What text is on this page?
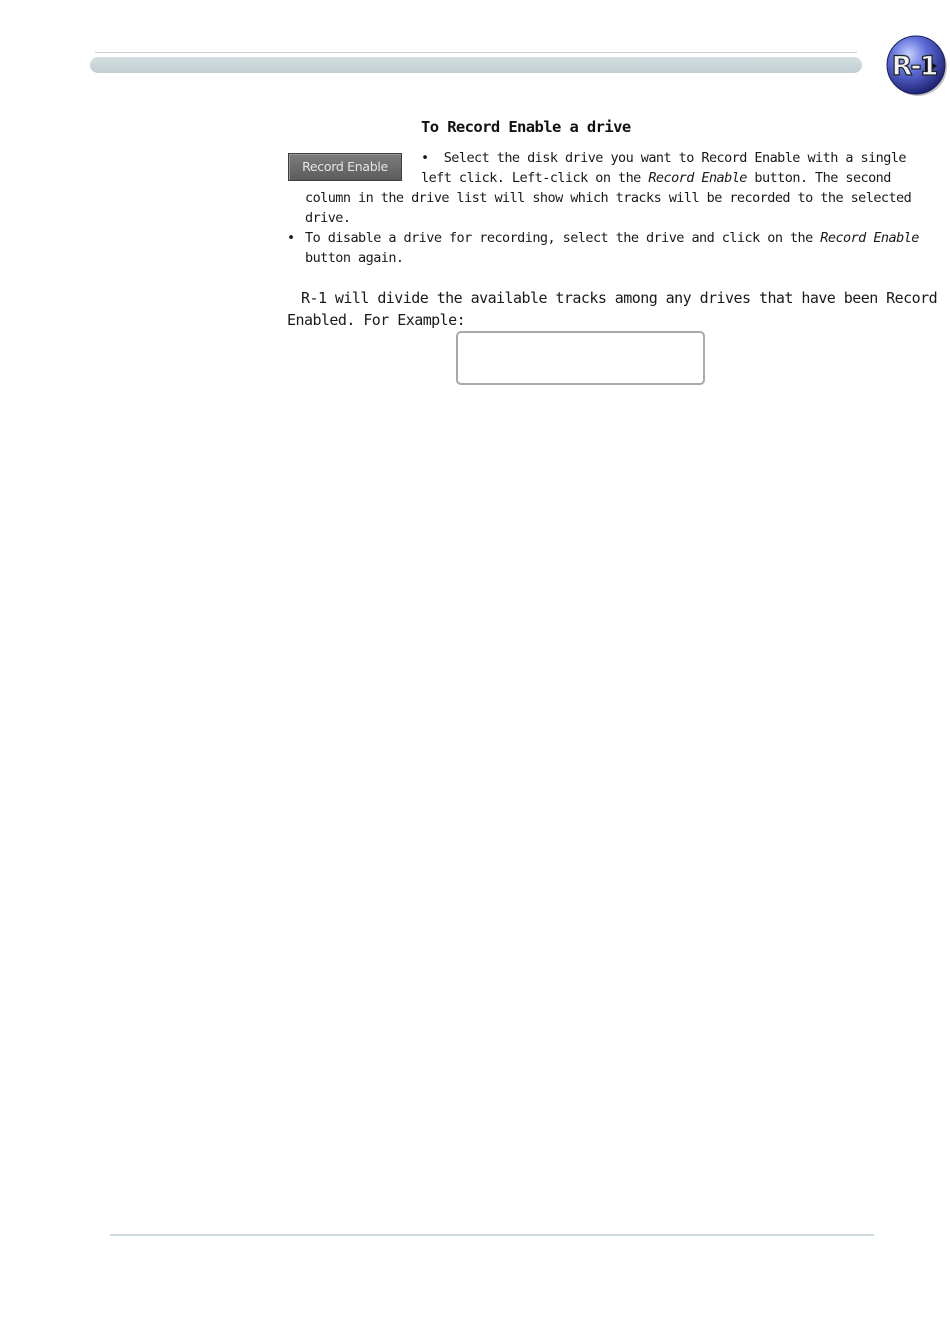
R-1
To Record Enable a drive
Record Enable
• Select the disk drive you want to Record Enable with a single
left click. Left-click on the Record Enable button. The second
column in the drive list will show which tracks will be recorded to the selected
drive.
• To disable a drive for recording, select the drive and click on the Record Enable
button again.
R-1 will divide the available tracks among any drives that have been Record
Enabled. For Example:
